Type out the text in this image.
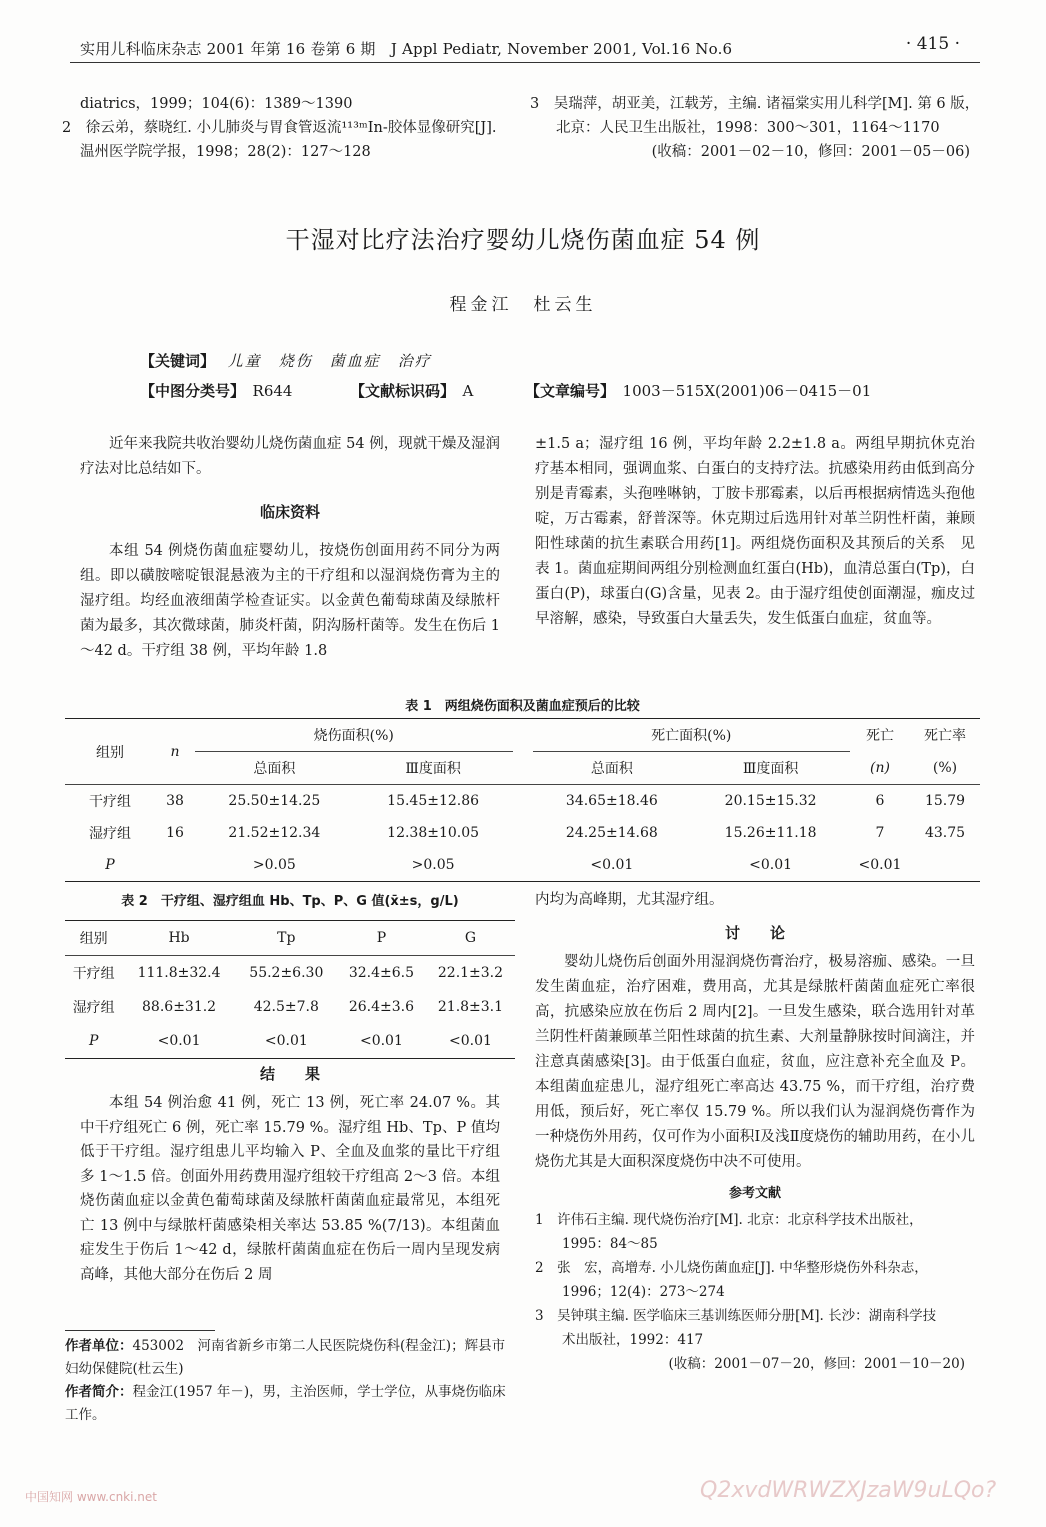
实用儿科临床杂志 2001 年第 16 卷第 6 期　J Appl Pediatr, November 2001, Vol.16 No.6	· 415 ·

diatrics，1999；104(6)：1389～1390

2　徐云弟，蔡晓红. 小儿肺炎与胃食管返流¹¹³ᵐIn-胶体显像研究[J].

温州医学院学报，1998；28(2)：127～128

3　吴瑞萍，胡亚美，江载芳，主编. 诸福棠实用儿科学[M]. 第 6 版，

北京：人民卫生出版社，1998：300～301，1164～1170

(收稿：2001－02－10，修回：2001－05－06)

干湿对比疗法治疗婴幼儿烧伤菌血症 54 例
程金江　杜云生
【关键词】 儿童　烧伤　菌血症　治疗
【中图分类号】　 R644	【文献标识码】　 A	【文章编号】　 1003－515X(2001)06－0415－01

近年来我院共收治婴幼儿烧伤菌血症 54 例，现就干燥及湿润疗法对比总结如下。

临床资料

本组 54 例烧伤菌血症婴幼儿，按烧伤创面用药不同分为两组。即以磺胺嘧啶银混悬液为主的干疗组和以湿润烧伤膏为主的湿疗组。均经血液细菌学检查证实。以金黄色葡萄球菌及绿脓杆菌为最多，其次微球菌，肺炎杆菌，阴沟肠杆菌等。发生在伤后 1～42 d。干疗组 38 例，平均年龄 1.8

±1.5 a；湿疗组 16 例，平均年龄 2.2±1.8 a。两组早期抗休克治疗基本相同，强调血浆、白蛋白的支持疗法。抗感染用药由低到高分别是青霉素，头孢唑啉钠，丁胺卡那霉素，以后再根据病情选头孢他啶，万古霉素，舒普深等。休克期过后选用针对革兰阴性杆菌，兼顾阳性球菌的抗生素联合用药[1]。两组烧伤面积及其预后的关系　见表 1。菌血症期间两组分别检测血红蛋白(Hb)，血清总蛋白(Tp)，白蛋白(P)，球蛋白(G)含量，见表 2。由于湿疗组使创面潮湿，痂皮过早溶解，感染，导致蛋白大量丢失，发生低蛋白血症，贫血等。

表 1　两组烧伤面积及菌血症预后的比较
组别	n	烧伤面积(%)			死亡面积(%)		死亡	死亡率
		总面积	Ⅲ度面积		总面积	Ⅲ度面积	(n)	(%)
干疗组	38	25.50±14.25	15.45±12.86		34.65±18.46	20.15±15.32	6	15.79
湿疗组	16	21.52±12.34	12.38±10.05		24.25±14.68	15.26±11.18	7	43.75
P		>0.05	>0.05		<0.01	<0.01	<0.01	
表 2　干疗组、湿疗组血 Hb、Tp、P、G 值(x̄±s，g/L)
组别	Hb	Tp	P	G
干疗组	111.8±32.4	55.2±6.30	32.4±6.5	22.1±3.2
湿疗组	88.6±31.2	42.5±7.8	26.4±3.6	21.8±3.1
P	<0.01	<0.01	<0.01	<0.01
结　　果

本组 54 例治愈 41 例，死亡 13 例，死亡率 24.07 %。其中干疗组死亡 6 例，死亡率 15.79 %。湿疗组 Hb、Tp、P 值均低于干疗组。湿疗组患儿平均输入 P、全血及血浆的量比干疗组多 1～1.5 倍。创面外用药费用湿疗组较干疗组高 2～3 倍。本组烧伤菌血症以金黄色葡萄球菌及绿脓杆菌菌血症最常见，本组死亡 13 例中与绿脓杆菌感染相关率达 53.85 %(7/13)。本组菌血症发生于伤后 1～42 d，绿脓杆菌菌血症在伤后一周内呈现发病高峰，其他大部分在伤后 2 周

内均为高峰期，尤其湿疗组。

讨　　论

婴幼儿烧伤后创面外用湿润烧伤膏治疗，极易溶痂、感染。一旦发生菌血症，治疗困难，费用高，尤其是绿脓杆菌菌血症死亡率很高，抗感染应放在伤后 2 周内[2]。一旦发生感染，联合选用针对革兰阴性杆菌兼顾革兰阳性球菌的抗生素、大剂量静脉按时间滴注，并注意真菌感染[3]。由于低蛋白血症，贫血，应注意补充全血及 P。本组菌血症患儿，湿疗组死亡率高达 43.75 %，而干疗组，治疗费用低，预后好，死亡率仅 15.79 %。所以我们认为湿润烧伤膏作为一种烧伤外用药，仅可作为小面积Ⅰ及浅Ⅱ度烧伤的辅助用药，在小儿烧伤尤其是大面积深度烧伤中决不可使用。

参考文献

1　许伟石主编. 现代烧伤治疗[M]. 北京：北京科学技术出版社，

　　1995：84～85

2　张　宏，高增寿. 小儿烧伤菌血症[J]. 中华整形烧伤外科杂志，

　　1996；12(4)：273～274

3　吴钟琪主编. 医学临床三基训练医师分册[M]. 长沙：湖南科学技

　　术出版社，1992：417

(收稿：2001－07－20，修回：2001－10－20)

作者单位：453002　河南省新乡市第二人民医院烧伤科(程金江)；辉县市妇幼保健院(杜云生)
作者简介：程金江(1957 年－)，男，主治医师，学士学位，从事烧伤临床工作。
中国知网 www.cnki.net	Q2xvdWRWZXJzaW9uLQo?
